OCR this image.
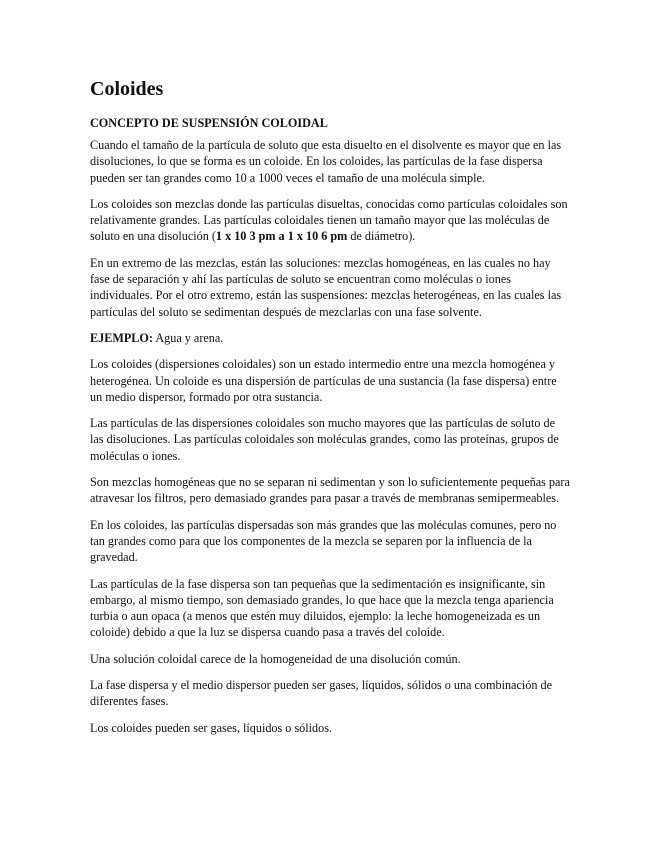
Coloides
CONCEPTO DE SUSPENSIÓN COLOIDAL

Cuando el tamaño de la partícula de soluto que esta disuelto en el disolvente es mayor que en las disoluciones, lo que se forma es un coloide. En los coloides, las partículas de la fase dispersa pueden ser tan grandes como 10 a 1000 veces el tamaño de una molécula simple.

Los coloides son mezclas donde las partículas disueltas, conocidas como partículas coloidales son relativamente grandes. Las partículas coloidales tienen un tamaño mayor que las moléculas de soluto en una disolución (1 x 10 3 pm a 1 x 10 6 pm de diámetro).

En un extremo de las mezclas, están las soluciones: mezclas homogéneas, en las cuales no hay fase de separación y ahí las partículas de soluto se encuentran como moléculas o iones individuales. Por el otro extremo, están las suspensiones: mezclas heterogéneas, en las cuales las partículas del soluto se sedimentan después de mezclarlas con una fase solvente.

EJEMPLO: Agua y arena.

Los coloides (dispersiones coloidales) son un estado intermedio entre una mezcla homogénea y heterogénea. Un coloide es una dispersión de partículas de una sustancia (la fase dispersa) entre un medio dispersor, formado por otra sustancia.

Las partículas de las dispersiones coloidales son mucho mayores que las partículas de soluto de las disoluciones. Las partículas coloidales son moléculas grandes, como las proteínas, grupos de moléculas o iones.

Son mezclas homogéneas que no se separan ni sedimentan y son lo suficientemente pequeñas para atravesar los filtros, pero demasiado grandes para pasar a través de membranas semipermeables.

En los coloides, las partículas dispersadas son más grandes que las moléculas comunes, pero no tan grandes como para que los componentes de la mezcla se separen por la influencia de la gravedad.

Las partículas de la fase dispersa son tan pequeñas que la sedimentación es insignificante, sin embargo, al mismo tiempo, son demasiado grandes, lo que hace que la mezcla tenga apariencia turbia o aun opaca (a menos que estén muy diluidos, ejemplo: la leche homogeneizada es un coloide) debido a que la luz se dispersa cuando pasa a través del coloide.

Una solución coloidal carece de la homogeneidad de una disolución común.

La fase dispersa y el medio dispersor pueden ser gases, líquidos, sólidos o una combinación de diferentes fases.

Los coloides pueden ser gases, líquidos o sólidos.
